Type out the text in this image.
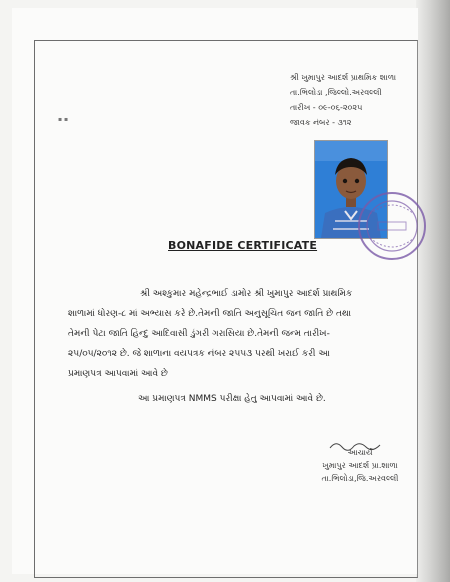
શ્રી ખુમાપુર આદર્શ પ્રાથમિક શાળા
તા.ભિલોડા ,જિલ્લો.અરવલ્લી
તારીખ - ૦૯-૦૬-૨૦૨૫
જાવક નંબર - ૩૧૨
▪ ▪
BONAFIDE CERTIFICATE
શ્રી અશ્કુમાર મહેન્દ્રભાઈ ડામોર શ્રી ખુમાપુર આદર્શ પ્રાથમિક
શાળામાં ધોરણ-૮ માં અભ્યાસ કરે છે.તેમની જાતિ અનુસૂચિત જન જાતિ છે તથા
તેમની પેટા જાતિ હિન્દુ આદિવાસી ડુંગરી ગરાસિયા છે.તેમની જન્મ તારીખ-
૨૫/૦૫/૨૦૧૨ છે. જે શાળાના વયપત્રક નંબર ૨૫૫૩ પરથી ખરાઈ કરી આ
પ્રમાણપત્ર આપવામાં આવે છે
આ પ્રમાણપત્ર NMMS પરીક્ષા હેતુ આપવામાં આવે છે.
આચાર્ય
ખુમાપુર આદર્શ પ્રા.શાળા
તા.ભિલોડા,જિ.અરવલ્લી
